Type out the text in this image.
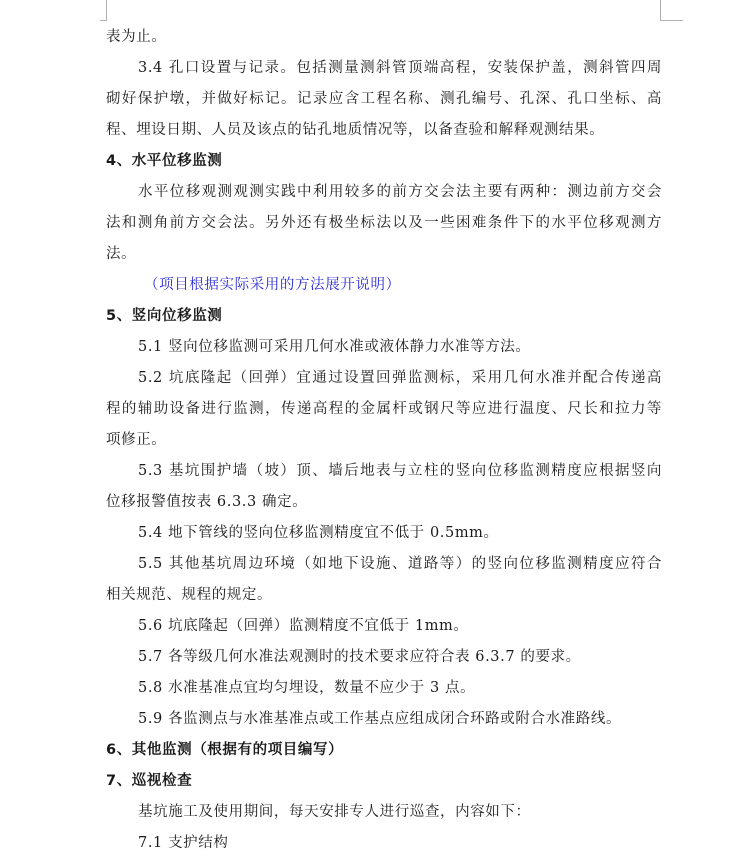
表为止。

3.4 孔口设置与记录。包括测量测斜管顶端高程，安装保护盖，测斜管四周

砌好保护墩，并做好标记。记录应含工程名称、测孔编号、孔深、孔口坐标、高

程、埋设日期、人员及该点的钻孔地质情况等，以备查验和解释观测结果。

4、水平位移监测

水平位移观测观测实践中利用较多的前方交会法主要有两种：测边前方交会

法和测角前方交会法。另外还有极坐标法以及一些困难条件下的水平位移观测方

法。

（项目根据实际采用的方法展开说明）

5、竖向位移监测

5.1 竖向位移监测可采用几何水准或液体静力水准等方法。

5.2 坑底隆起（回弹）宜通过设置回弹监测标，采用几何水准并配合传递高

程的辅助设备进行监测，传递高程的金属杆或钢尺等应进行温度、尺长和拉力等

项修正。

5.3 基坑围护墙（坡）顶、墙后地表与立柱的竖向位移监测精度应根据竖向

位移报警值按表 6.3.3 确定。

5.4 地下管线的竖向位移监测精度宜不低于 0.5mm。

5.5 其他基坑周边环境（如地下设施、道路等）的竖向位移监测精度应符合

相关规范、规程的规定。

5.6 坑底隆起（回弹）监测精度不宜低于 1mm。

5.7 各等级几何水准法观测时的技术要求应符合表 6.3.7 的要求。

5.8 水准基准点宜均匀埋设，数量不应少于 3 点。

5.9 各监测点与水准基准点或工作基点应组成闭合环路或附合水准路线。

6、其他监测（根据有的项目编写）

7、巡视检查

基坑施工及使用期间，每天安排专人进行巡查，内容如下：

7.1 支护结构
